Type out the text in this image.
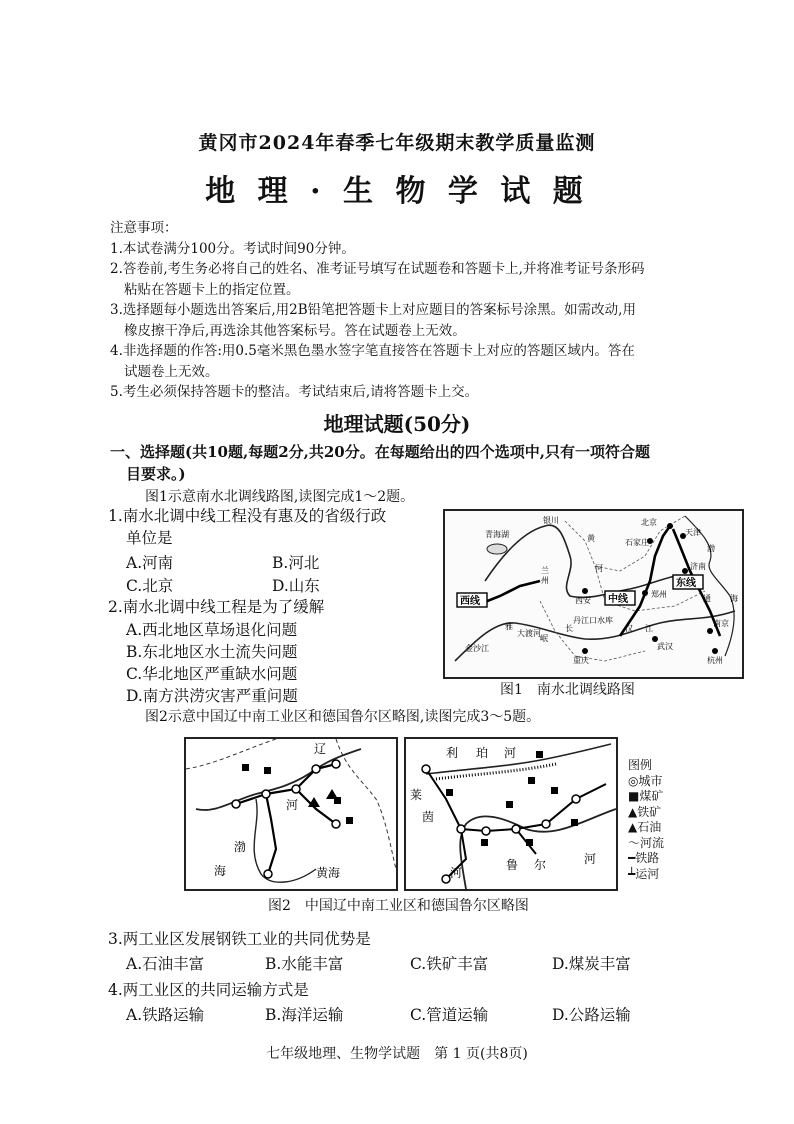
黄冈市2024年春季七年级期末教学质量监测
地 理 · 生 物 学 试 题

注意事项：

1.本试卷满分100分。考试时间90分钟。

2.答卷前,考生务必将自己的姓名、准考证号填写在试题卷和答题卡上,并将准考证号条形码

粘贴在答题卡上的指定位置。

3.选择题每小题选出答案后,用2B铅笔把答题卡上对应题目的答案标号涂黑。如需改动,用

橡皮擦干净后,再选涂其他答案标号。答在试题卷上无效。

4.非选择题的作答:用0.5毫米黑色墨水签字笔直接答在答题卡上对应的答题区域内。答在

试题卷上无效。

5.考生必须保持答题卡的整洁。考试结束后,请将答题卡上交。

地理试题(50分)
一、选择题(共10题,每题2分,共20分。在每题给出的四个选项中,只有一项符合题
目要求。)
图1示意南水北调线路图,读图完成1～2题。
1.南水北调中线工程没有惠及的省级行政
单位是
A.河南	B.河北
C.北京	D.山东
2.南水北调中线工程是为了缓解
A.西北地区草场退化问题
B.东北地区水土流失问题
C.华北地区严重缺水问题
D.南方洪涝灾害严重问题
青海湖
银川
黄
河
兰
州
西安
北京
天津
石家庄
济南
郑州
雅
大渡河
岷
金沙江
长
丹江口水库
汉 江
武汉
重庆
南京
杭州
渤
海
通
中线
东线
西线
图1　南水北调线路图
图2示意中国辽中南工业区和德国鲁尔区略图,读图完成3～5题。
辽
河
渤
海	黄海
利 珀 河
莱
茵
河
鲁 尔	河
图例
◎城市
■煤矿
▲铁矿
▲石油
～河流
━铁路
┷运河
图2　中国辽中南工业区和德国鲁尔区略图
3.两工业区发展钢铁工业的共同优势是
A.石油丰富	B.水能丰富	C.铁矿丰富	D.煤炭丰富
4.两工业区的共同运输方式是
A.铁路运输	B.海洋运输	C.管道运输	D.公路运输
七年级地理、生物学试题　第 1 页(共8页)
